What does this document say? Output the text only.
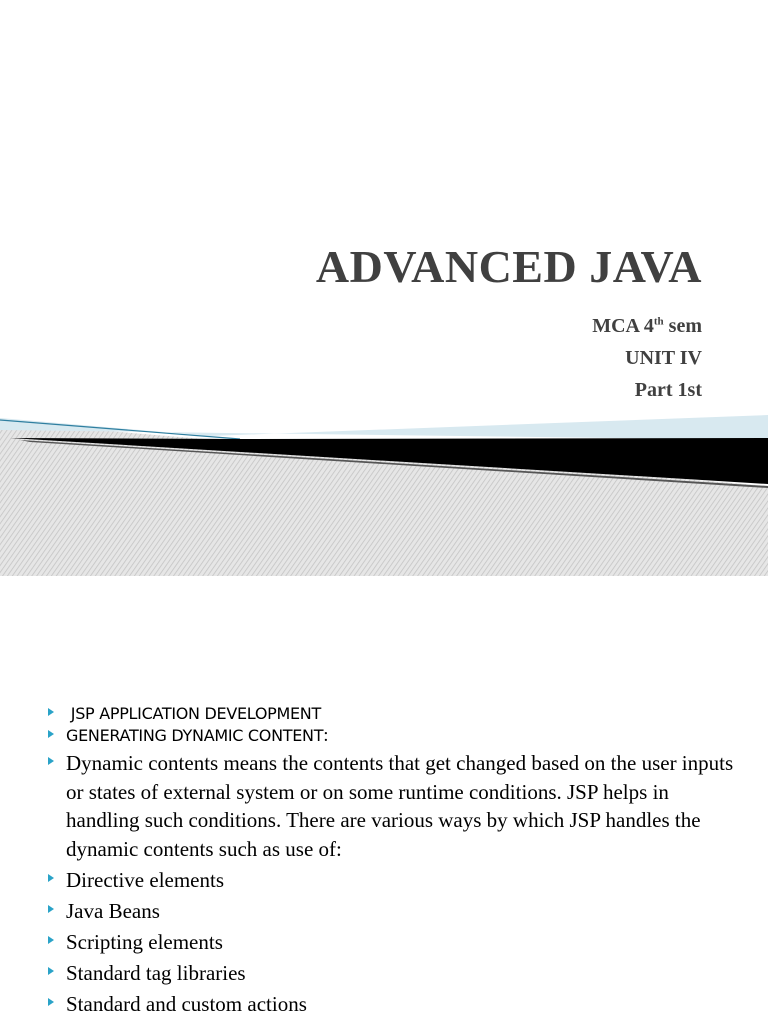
ADVANCED JAVA
MCA 4th sem
UNIT IV
Part 1st
JSP APPLICATION DEVELOPMENT
GENERATING DYNAMIC CONTENT:
Dynamic contents means the contents that get changed based on the user inputs or states of external system or on some runtime conditions. JSP helps in handling such conditions. There are various ways by which JSP handles the dynamic contents such as use of:
Directive elements
Java Beans
Scripting elements
Standard tag libraries
Standard and custom actions
